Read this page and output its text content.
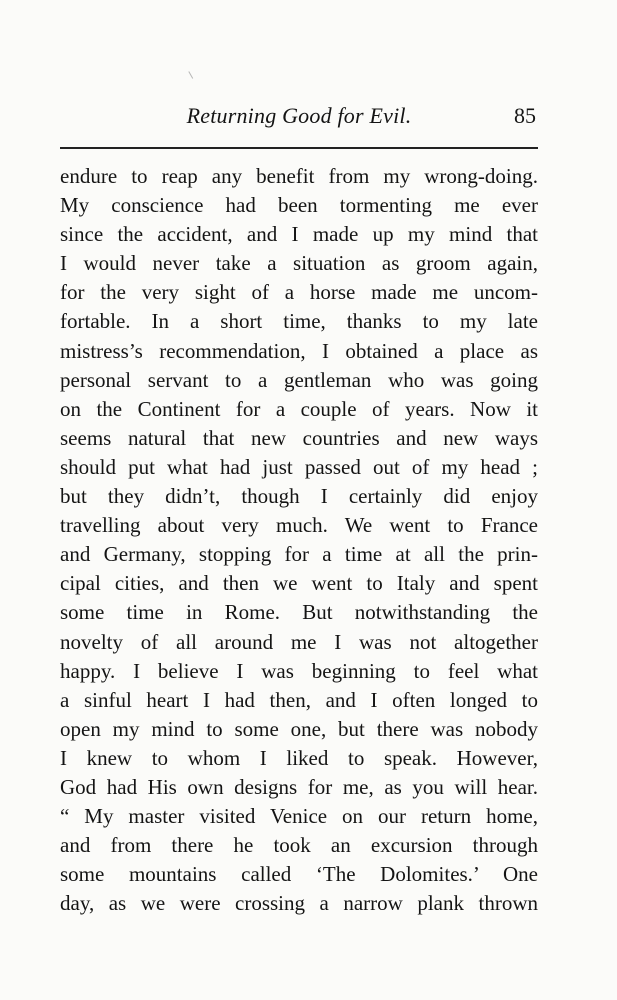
Returning Good for Evil.	85
endure to reap any benefit from my wrong-doing.
My conscience had been tormenting me ever
since the accident, and I made up my mind that
I would never take a situation as groom again,
for the very sight of a horse made me uncom-
fortable. In a short time, thanks to my late
mistress’s recommendation, I obtained a place as
personal servant to a gentleman who was going
on the Continent for a couple of years. Now it
seems natural that new countries and new ways
should put what had just passed out of my head ;
but they didn’t, though I certainly did enjoy
travelling about very much. We went to France
and Germany, stopping for a time at all the prin-
cipal cities, and then we went to Italy and spent
some time in Rome. But notwithstanding the
novelty of all around me I was not altogether
happy. I believe I was beginning to feel what
a sinful heart I had then, and I often longed to
open my mind to some one, but there was nobody
I knew to whom I liked to speak. However,
God had His own designs for me, as you will hear.
“ My master visited Venice on our return home,
and from there he took an excursion through
some mountains called ‘The Dolomites.’ One
day, as we were crossing a narrow plank thrown
